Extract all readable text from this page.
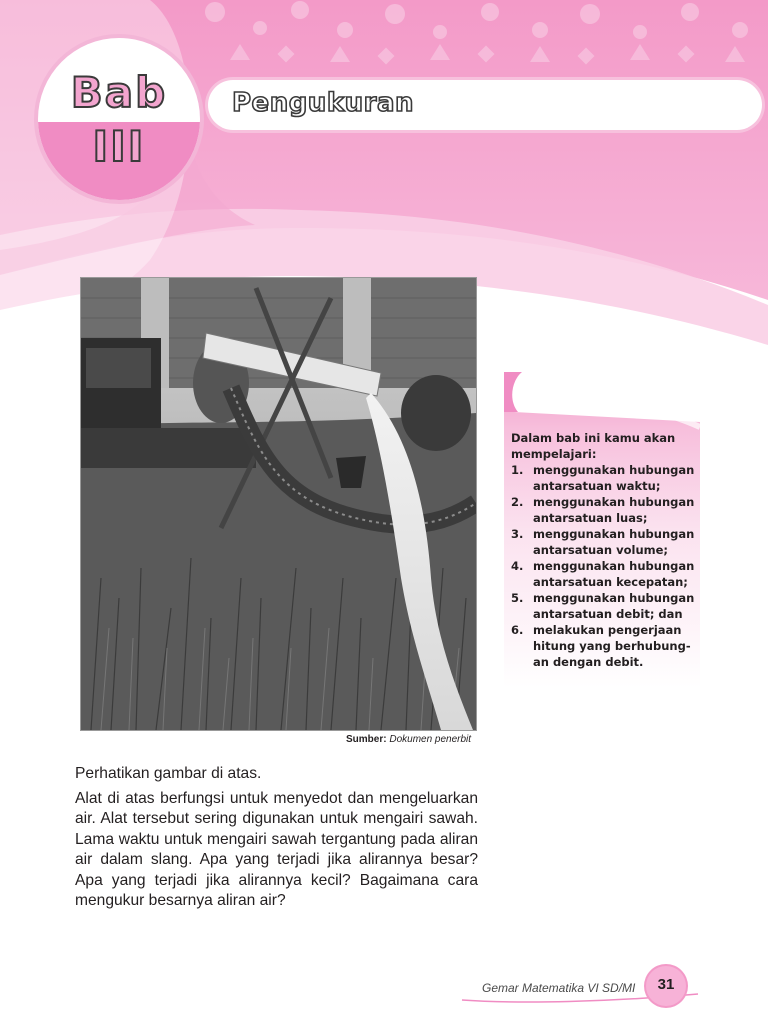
Bab
III
Pengukuran
Sumber: Dokumen penerbit
Dalam bab ini kamu akan mempelajari:
1. menggunakan hubungan antarsatuan waktu;
2. menggunakan hubungan antarsatuan luas;
3. menggunakan hubungan antarsatuan volume;
4. menggunakan hubungan antarsatuan kecepatan;
5. menggunakan hubungan antarsatuan debit; dan
6. melakukan pengerjaan hitung yang berhubung-an dengan debit.

Perhatikan gambar di atas.

Alat di atas berfungsi untuk menyedot dan mengeluarkan air. Alat tersebut sering digunakan untuk mengairi sawah. Lama waktu untuk mengairi sawah tergantung pada aliran air dalam slang. Apa yang terjadi jika alirannya besar? Apa yang terjadi jika alirannya kecil? Bagaimana cara mengukur besarnya aliran air?

Gemar Matematika VI SD/MI	31
